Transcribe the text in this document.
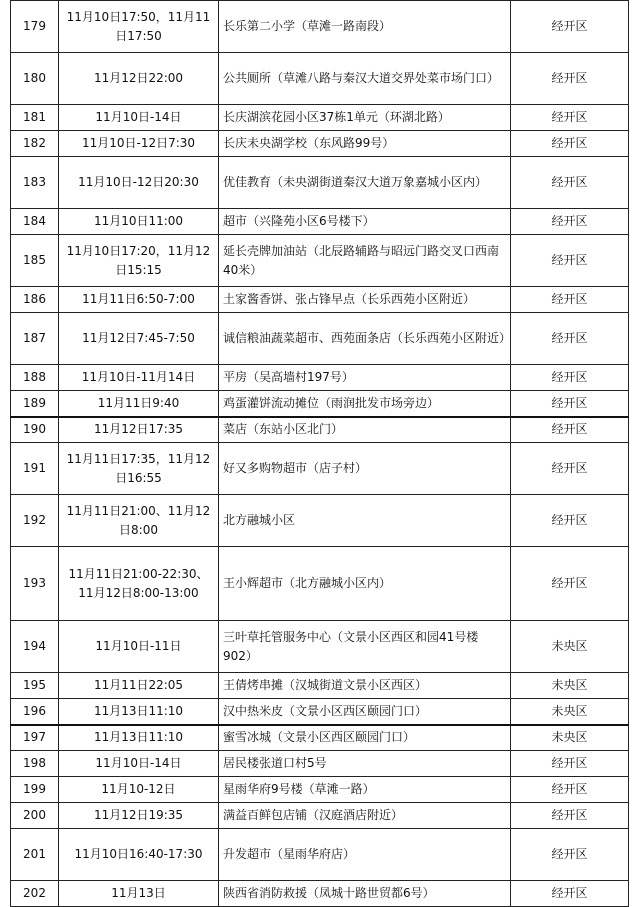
179	11月10日17:50，11月11日17:50	长乐第二小学（草滩一路南段）	经开区
180	11月12日22:00	公共厕所（草滩八路与秦汉大道交界处菜市场门口）	经开区
181	11月10日-14日	长庆湖滨花园小区37栋1单元（环湖北路）	经开区
182	11月10日-12日7:30	长庆未央湖学校（东风路99号）	经开区
183	11月10日-12日20:30	优佳教育（未央湖街道秦汉大道万象嘉城小区内）	经开区
184	11月10日11:00	超市（兴隆苑小区6号楼下）	经开区
185	11月10日17:20，11月12日15:15	延长壳牌加油站（北辰路辅路与昭远门路交叉口西南40米）	经开区
186	11月11日6:50-7:00	土家酱香饼、张占锋早点（长乐西苑小区附近）	经开区
187	11月12日7:45-7:50	诚信粮油蔬菜超市、西苑面条店（长乐西苑小区附近）	经开区
188	11月10日-11月14日	平房（吴高墙村197号）	经开区
189	11月11日9:40	鸡蛋灌饼流动摊位（雨润批发市场旁边）	经开区
190	11月12日17:35	菜店（东站小区北门）	经开区
191	11月11日17:35，11月12日16:55	好又多购物超市（店子村）	经开区
192	11月11日21:00、11月12日8:00	北方融城小区	经开区
193	11月11日21:00-22:30、11月12日8:00-13:00	王小辉超市（北方融城小区内）	经开区
194	11月10日-11日	三叶草托管服务中心（文景小区西区和园41号楼902）	未央区
195	11月11日22:05	王倩烤串摊（汉城街道文景小区西区）	未央区
196	11月13日11:10	汉中热米皮（文景小区西区颐园门口）	未央区
197	11月13日11:10	蜜雪冰城（文景小区西区颐园门口）	未央区
198	11月10日-14日	居民楼张道口村5号	经开区
199	11月10-12日	星雨华府9号楼（草滩一路）	经开区
200	11月12日19:35	满益百鲜包店铺（汉庭酒店附近）	经开区
201	11月10日16:40-17:30	升发超市（星雨华府店）	经开区
202	11月13日	陕西省消防救援（凤城十路世贸都6号）	经开区
